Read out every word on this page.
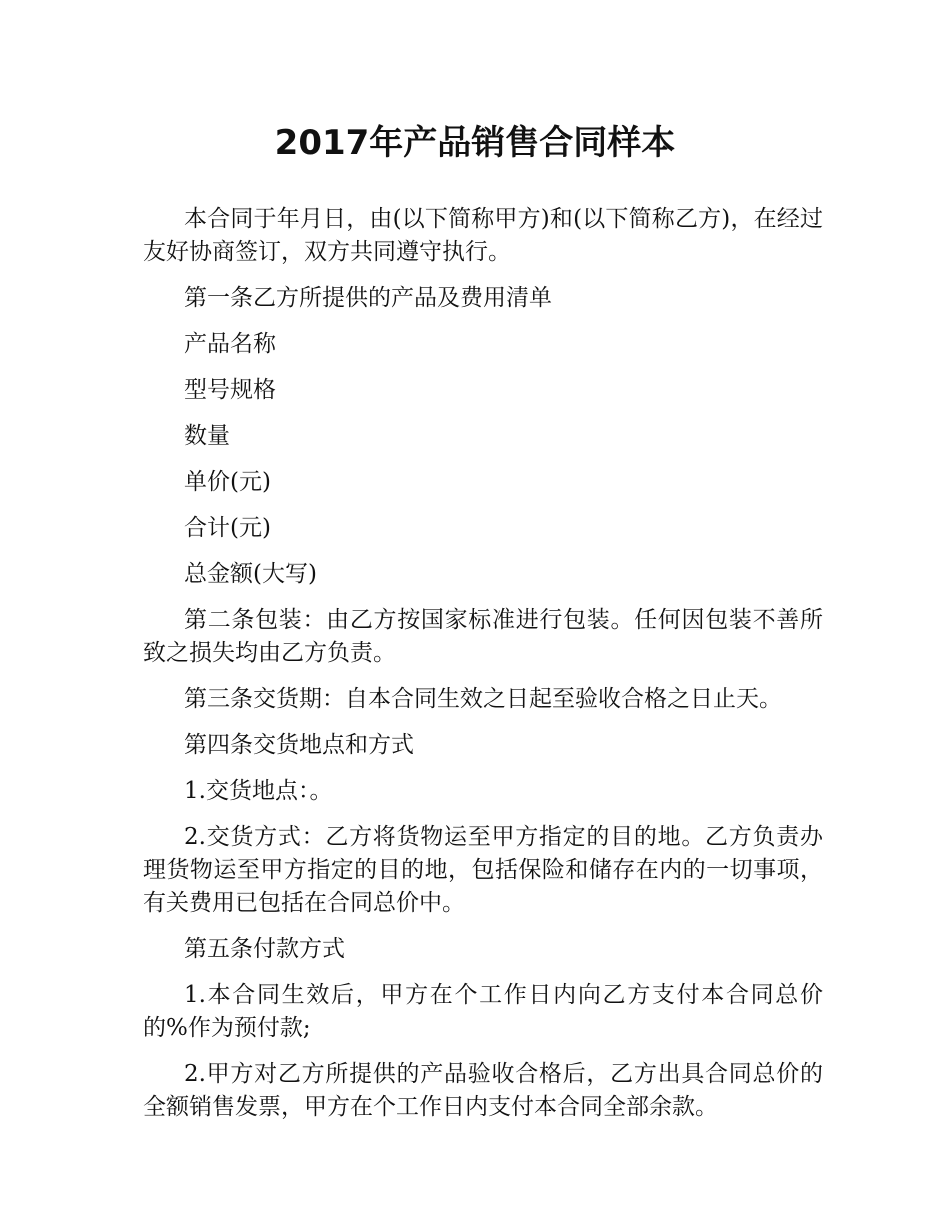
2017年产品销售合同样本

本合同于年月日，由(以下简称甲方)和(以下简称乙方)，在经过友好协商签订，双方共同遵守执行。

第一条乙方所提供的产品及费用清单

产品名称

型号规格

数量

单价(元)

合计(元)

总金额(大写)

第二条包装：由乙方按国家标准进行包装。任何因包装不善所致之损失均由乙方负责。

第三条交货期：自本合同生效之日起至验收合格之日止天。

第四条交货地点和方式

1.交货地点：。

2.交货方式：乙方将货物运至甲方指定的目的地。乙方负责办理货物运至甲方指定的目的地，包括保险和储存在内的一切事项，有关费用已包括在合同总价中。

第五条付款方式

1.本合同生效后，甲方在个工作日内向乙方支付本合同总价的%作为预付款;

2.甲方对乙方所提供的产品验收合格后，乙方出具合同总价的全额销售发票，甲方在个工作日内支付本合同全部余款。
